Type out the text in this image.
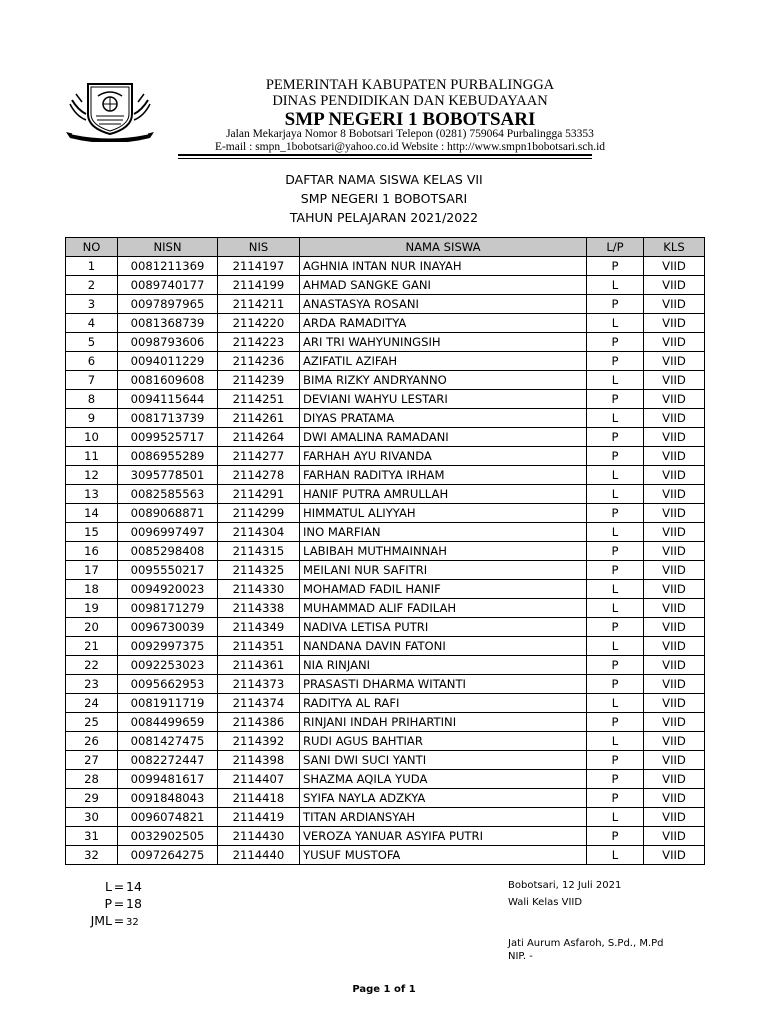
PEMERINTAH KABUPATEN PURBALINGGA
DINAS PENDIDIKAN DAN KEBUDAYAAN
SMP NEGERI 1 BOBOTSARI
Jalan Mekarjaya Nomor 8 Bobotsari Telepon (0281) 759064 Purbalingga 53353
E-mail : smpn_1bobotsari@yahoo.co.id Website : http://www.smpn1bobotsari.sch.id
DAFTAR NAMA SISWA KELAS VII
SMP NEGERI 1 BOBOTSARI
TAHUN PELAJARAN 2021/2022
NO	NISN	NIS	NAMA SISWA	L/P	KLS
1	0081211369	2114197	AGHNIA INTAN NUR INAYAH	P	VIID
2	0089740177	2114199	AHMAD SANGKE GANI	L	VIID
3	0097897965	2114211	ANASTASYA ROSANI	P	VIID
4	0081368739	2114220	ARDA RAMADITYA	L	VIID
5	0098793606	2114223	ARI TRI WAHYUNINGSIH	P	VIID
6	0094011229	2114236	AZIFATIL AZIFAH	P	VIID
7	0081609608	2114239	BIMA RIZKY ANDRYANNO	L	VIID
8	0094115644	2114251	DEVIANI WAHYU LESTARI	P	VIID
9	0081713739	2114261	DIYAS PRATAMA	L	VIID
10	0099525717	2114264	DWI AMALINA RAMADANI	P	VIID
11	0086955289	2114277	FARHAH AYU RIVANDA	P	VIID
12	3095778501	2114278	FARHAN RADITYA IRHAM	L	VIID
13	0082585563	2114291	HANIF PUTRA AMRULLAH	L	VIID
14	0089068871	2114299	HIMMATUL ALIYYAH	P	VIID
15	0096997497	2114304	INO MARFIAN	L	VIID
16	0085298408	2114315	LABIBAH MUTHMAINNAH	P	VIID
17	0095550217	2114325	MEILANI NUR SAFITRI	P	VIID
18	0094920023	2114330	MOHAMAD FADIL HANIF	L	VIID
19	0098171279	2114338	MUHAMMAD ALIF FADILAH	L	VIID
20	0096730039	2114349	NADIVA LETISA PUTRI	P	VIID
21	0092997375	2114351	NANDANA DAVIN FATONI	L	VIID
22	0092253023	2114361	NIA RINJANI	P	VIID
23	0095662953	2114373	PRASASTI DHARMA WITANTI	P	VIID
24	0081911719	2114374	RADITYA AL RAFI	L	VIID
25	0084499659	2114386	RINJANI INDAH PRIHARTINI	P	VIID
26	0081427475	2114392	RUDI AGUS BAHTIAR	L	VIID
27	0082272447	2114398	SANI DWI SUCI YANTI	P	VIID
28	0099481617	2114407	SHAZMA AQILA YUDA	P	VIID
29	0091848043	2114418	SYIFA NAYLA ADZKYA	P	VIID
30	0096074821	2114419	TITAN ARDIANSYAH	L	VIID
31	0032902505	2114430	VEROZA YANUAR ASYIFA PUTRI	P	VIID
32	0097264275	2114440	YUSUF MUSTOFA	L	VIID
L = 14
P = 18
JML = 32
Bobotsari, 12 Juli 2021
Wali Kelas VIID
Jati Aurum Asfaroh, S.Pd., M.Pd
NIP. -
Page 1 of 1
